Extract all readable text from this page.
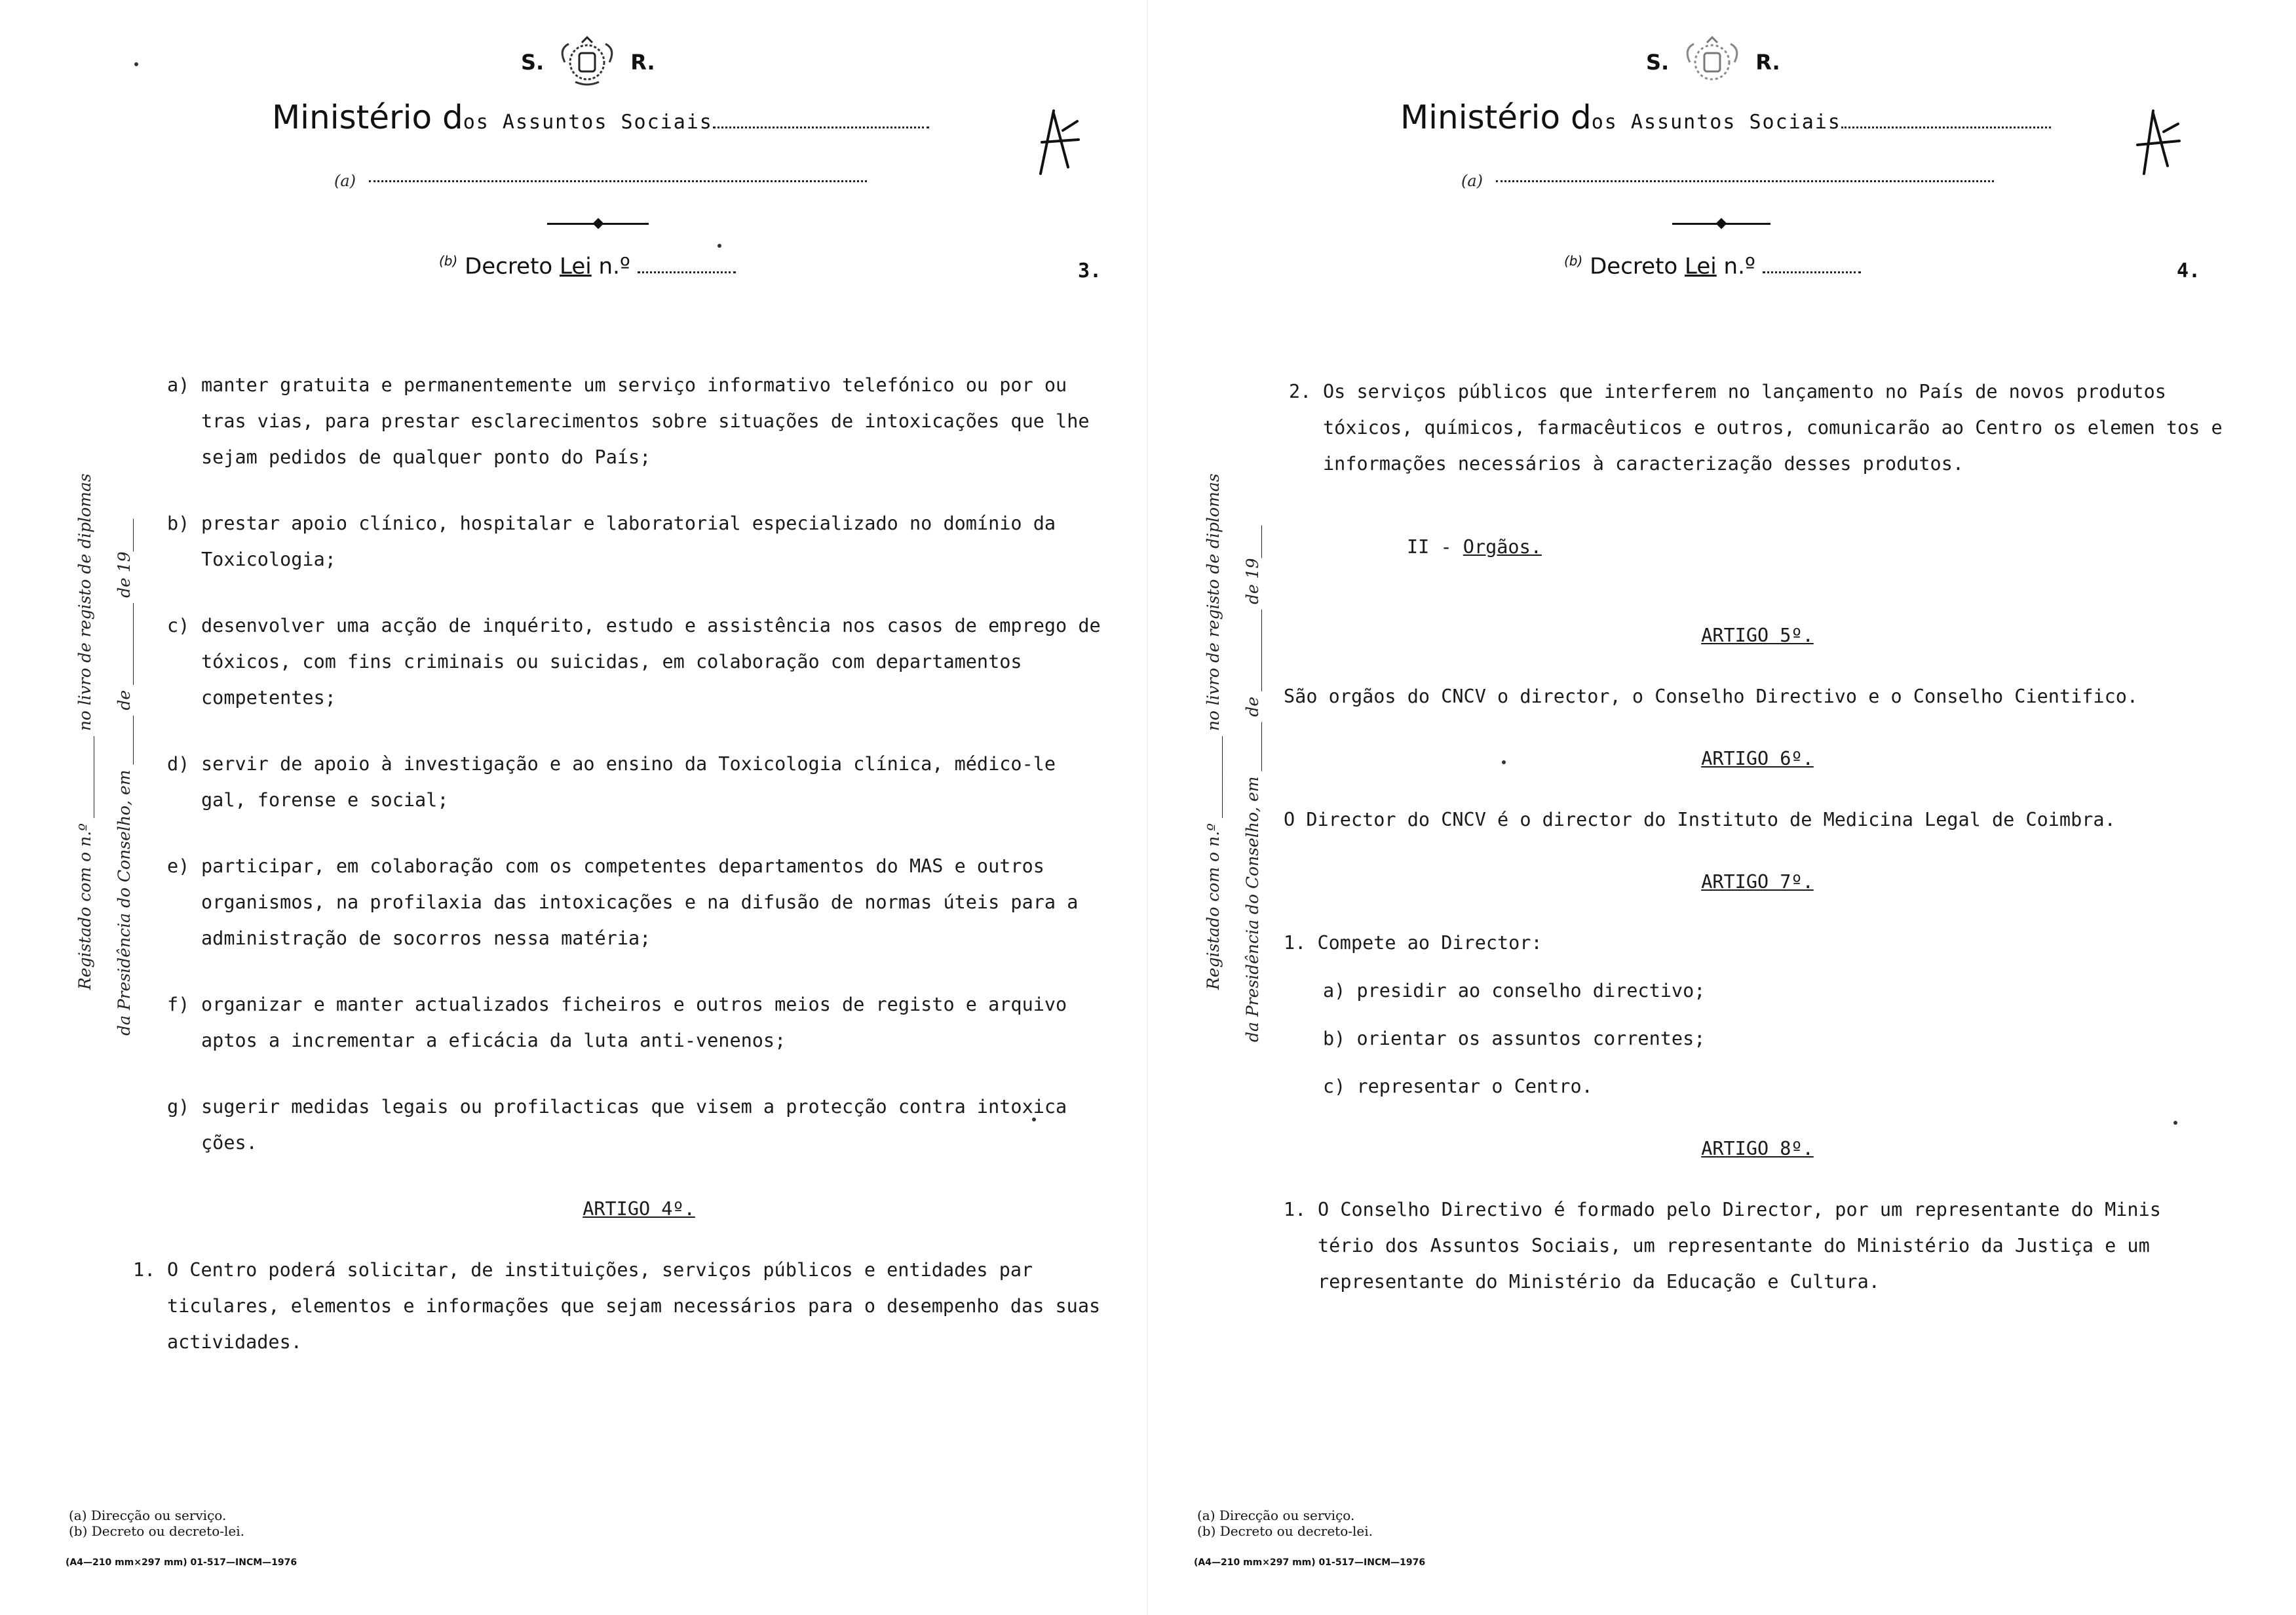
S.	R.
Ministério dos Assuntos Sociais
(a)
$^{(b)}$ Decreto Lei n.º	3.
Registado com o n.º __________ no livro de registo de diplomas da Presidência do Conselho, em ______ de __________ de 19____
a) manter gratuita e permanentemente um serviço informativo telefónico ou por ou tras vias, para prestar esclarecimentos sobre situações de intoxicações que lhe sejam pedidos de qualquer ponto do País;
b) prestar apoio clínico, hospitalar e laboratorial especializado no domínio da Toxicologia;
c) desenvolver uma acção de inquérito, estudo e assistência nos casos de emprego de tóxicos, com fins criminais ou suicidas, em colaboração com departamentos competentes;
d) servir de apoio à investigação e ao ensino da Toxicologia clínica, médico-le gal, forense e social;
e) participar, em colaboração com os competentes departamentos do MAS e outros organismos, na profilaxia das intoxicações e na difusão de normas úteis para a administração de socorros nessa matéria;
f) organizar e manter actualizados ficheiros e outros meios de registo e arquivo aptos a incrementar a eficácia da luta anti-venenos;
g) sugerir medidas legais ou profilacticas que visem a protecção contra intoxica ções.
ARTIGO 4º.
1. O Centro poderá solicitar, de instituições, serviços públicos e entidades par ticulares, elementos e informações que sejam necessários para o desempenho das suas actividades.
(a) Direcção ou serviço.
(b) Decreto ou decreto-lei.
(A4—210 mm×297 mm) 01-517—INCM—1976
S.	R.
Ministério dos Assuntos Sociais
(a)
$^{(b)}$ Decreto Lei n.º	4.
Registado com o n.º __________ no livro de registo de diplomas da Presidência do Conselho, em ______ de __________ de 19____
2. Os serviços públicos que interferem no lançamento no País de novos produtos tóxicos, químicos, farmacêuticos e outros, comunicarão ao Centro os elemen tos e informações necessários à caracterização desses produtos.
II - Orgãos.
ARTIGO 5º.
São orgãos do CNCV o director, o Conselho Directivo e o Conselho Cientifico.
ARTIGO 6º.
O Director do CNCV é o director do Instituto de Medicina Legal de Coimbra.
ARTIGO 7º.
1. Compete ao Director:
a) presidir ao conselho directivo;
b) orientar os assuntos correntes;
c) representar o Centro.
ARTIGO 8º.
1. O Conselho Directivo é formado pelo Director, por um representante do Minis tério dos Assuntos Sociais, um representante do Ministério da Justiça e um representante do Ministério da Educação e Cultura.
(a) Direcção ou serviço.
(b) Decreto ou decreto-lei.
(A4—210 mm×297 mm) 01-517—INCM—1976
